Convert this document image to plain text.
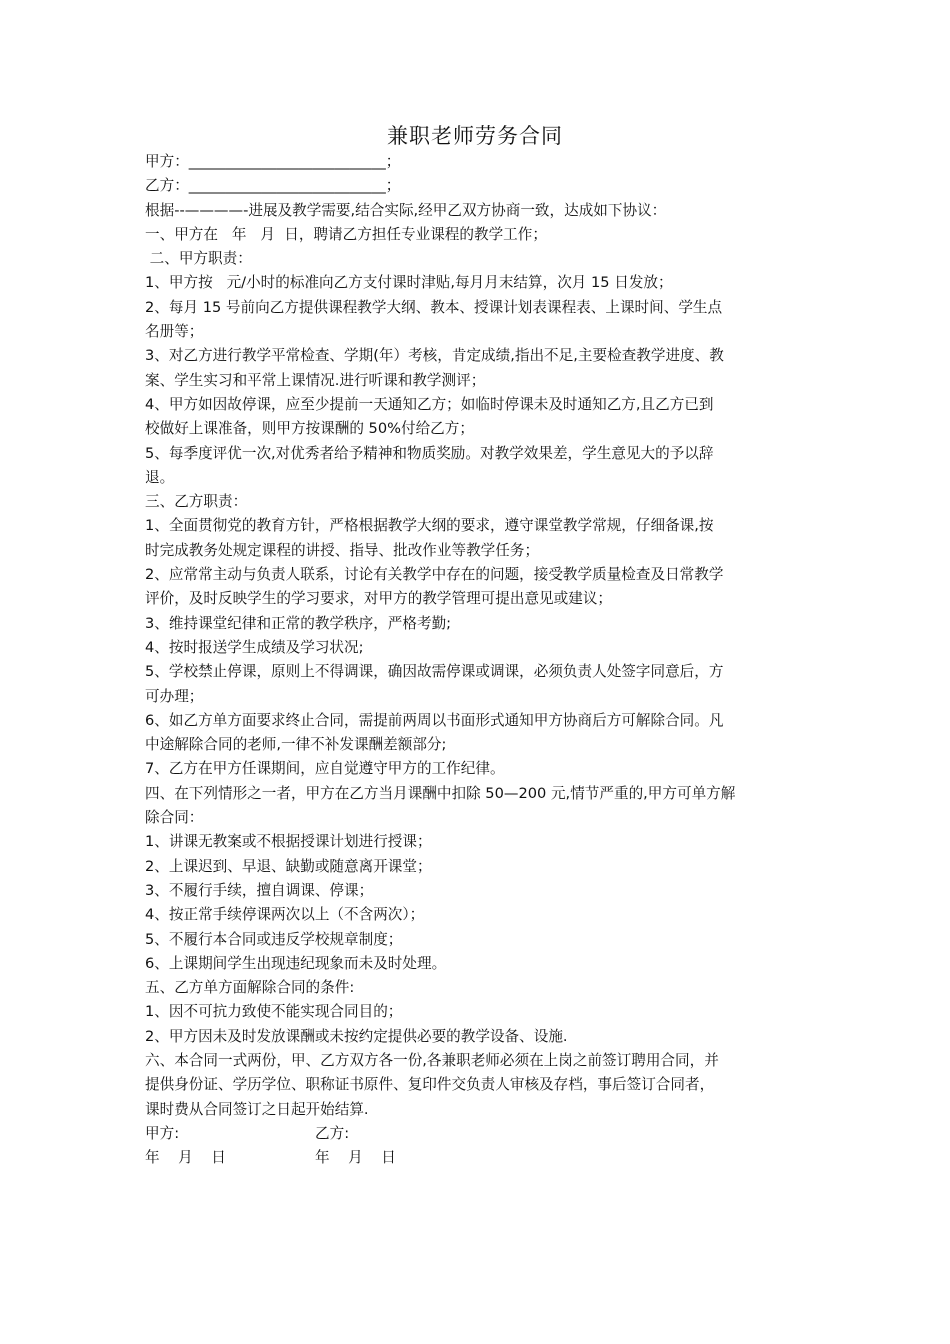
兼职老师劳务合同
甲方：___________________________；
乙方：___________________________；
根据--————-进展及教学需要,结合实际,经甲乙双方协商一致，达成如下协议：
一、甲方在   年   月  日，聘请乙方担任专业课程的教学工作；
二、甲方职责：
1、甲方按   元/小时的标准向乙方支付课时津贴,每月月末结算，次月 15 日发放；
2、每月 15 号前向乙方提供课程教学大纲、教本、授课计划表课程表、上课时间、学生点
名册等；
3、对乙方进行教学平常检查、学期(年）考核，肯定成绩,指出不足,主要检查教学进度、教
案、学生实习和平常上课情况.进行听课和教学测评；
4、甲方如因故停课，应至少提前一天通知乙方；如临时停课未及时通知乙方,且乙方已到
校做好上课准备，则甲方按课酬的 50%付给乙方；
5、每季度评优一次,对优秀者给予精神和物质奖励。对教学效果差，学生意见大的予以辞
退。
三、乙方职责：
1、全面贯彻党的教育方针，严格根据教学大纲的要求，遵守课堂教学常规，仔细备课,按
时完成教务处规定课程的讲授、指导、批改作业等教学任务；
2、应常常主动与负责人联系，讨论有关教学中存在的问题，接受教学质量检查及日常教学
评价，及时反映学生的学习要求，对甲方的教学管理可提出意见或建议；
3、维持课堂纪律和正常的教学秩序，严格考勤;
4、按时报送学生成绩及学习状况;
5、学校禁止停课，原则上不得调课，确因故需停课或调课，必须负责人处签字同意后，方
可办理；
6、如乙方单方面要求终止合同，需提前两周以书面形式通知甲方协商后方可解除合同。凡
中途解除合同的老师,一律不补发课酬差额部分;
7、乙方在甲方任课期间，应自觉遵守甲方的工作纪律。
四、在下列情形之一者，甲方在乙方当月课酬中扣除 50—200 元,情节严重的,甲方可单方解
除合同：
1、讲课无教案或不根据授课计划进行授课；
2、上课迟到、早退、缺勤或随意离开课堂；
3、不履行手续，擅自调课、停课；
4、按正常手续停课两次以上（不含两次）；
5、不履行本合同或违反学校规章制度；
6、上课期间学生出现违纪现象而未及时处理。
五、乙方单方面解除合同的条件:
1、因不可抗力致使不能实现合同目的；
2、甲方因未及时发放课酬或未按约定提供必要的教学设备、设施.
六、本合同一式两份，甲、乙方双方各一份,各兼职老师必须在上岗之前签订聘用合同，并
提供身份证、学历学位、职称证书原件、复印件交负责人审核及存档，事后签订合同者，
课时费从合同签订之日起开始结算.
甲方:	乙方:
年    月    日	年    月    日
